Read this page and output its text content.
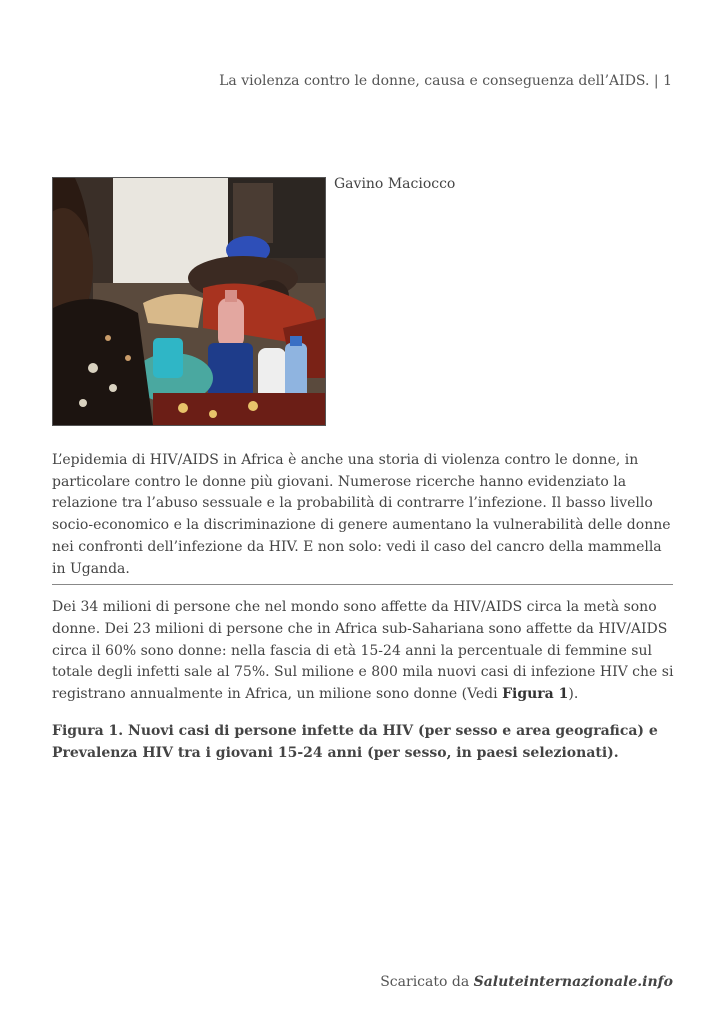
La violenza contro le donne, causa e conseguenza dell’AIDS. | 1
Gavino Maciocco

L’epidemia di HIV/AIDS in Africa è anche una storia di violenza contro le donne, in particolare contro le donne più giovani. Numerose ricerche hanno evidenziato la relazione tra l’abuso sessuale e la probabilità di contrarre l’infezione. Il basso livello socio-economico e la discriminazione di genere aumentano la vulnerabilità delle donne nei confronti dell’infezione da HIV. E non solo: vedi il caso del cancro della mammella in Uganda.

Dei 34 milioni di persone che nel mondo sono affette da HIV/AIDS circa la metà sono donne. Dei 23 milioni di persone che in Africa sub-Sahariana sono affette da HIV/AIDS circa il 60% sono donne: nella fascia di età 15-24 anni la percentuale di femmine sul totale degli infetti sale al 75%. Sul milione e 800 mila nuovi casi di infezione HIV che si registrano annualmente in Africa, un milione sono donne (Vedi Figura 1).

Figura 1. Nuovi casi di persone infette da HIV (per sesso e area geografica) e Prevalenza HIV tra i giovani 15-24 anni (per sesso, in paesi selezionati).

Scaricato da Saluteinternazionale.info
